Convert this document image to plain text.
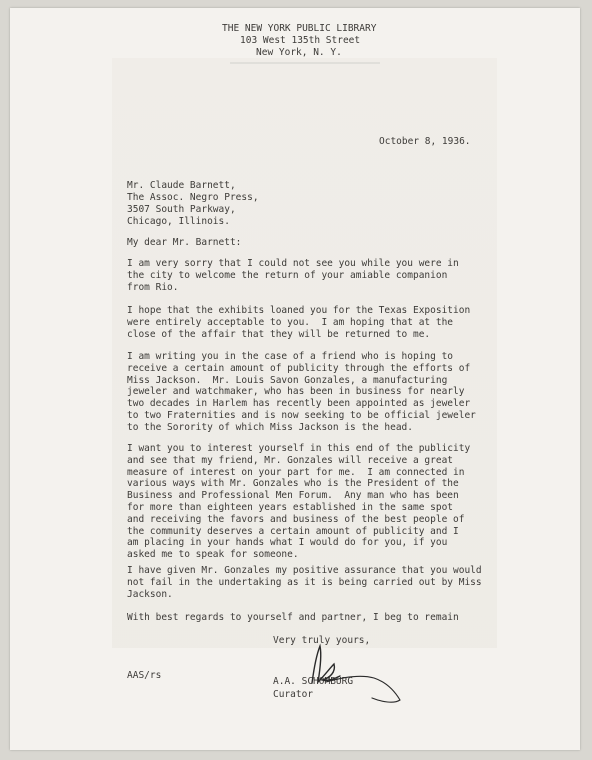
THE NEW YORK PUBLIC LIBRARY
103 West 135th Street
New York, N. Y.
October 8, 1936.
Mr. Claude Barnett,
The Assoc. Negro Press,
3507 South Parkway,
Chicago, Illinois.
My dear Mr. Barnett:
I am very sorry that I could not see you while you were in
the city to welcome the return of your amiable companion
from Rio.
I hope that the exhibits loaned you for the Texas Exposition
were entirely acceptable to you.  I am hoping that at the
close of the affair that they will be returned to me.
I am writing you in the case of a friend who is hoping to
receive a certain amount of publicity through the efforts of
Miss Jackson.  Mr. Louis Savon Gonzales, a manufacturing
jeweler and watchmaker, who has been in business for nearly
two decades in Harlem has recently been appointed as jeweler
to two Fraternities and is now seeking to be official jeweler
to the Sorority of which Miss Jackson is the head.
I want you to interest yourself in this end of the publicity
and see that my friend, Mr. Gonzales will receive a great
measure of interest on your part for me.  I am connected in
various ways with Mr. Gonzales who is the President of the
Business and Professional Men Forum.  Any man who has been
for more than eighteen years established in the same spot
and receiving the favors and business of the best people of
the community deserves a certain amount of publicity and I
am placing in your hands what I would do for you, if you
asked me to speak for someone.
I have given Mr. Gonzales my positive assurance that you would
not fail in the undertaking as it is being carried out by Miss
Jackson.
With best regards to yourself and partner, I beg to remain
Very truly yours,
AAS/rs
A.A. SCHOMBURG
Curator
